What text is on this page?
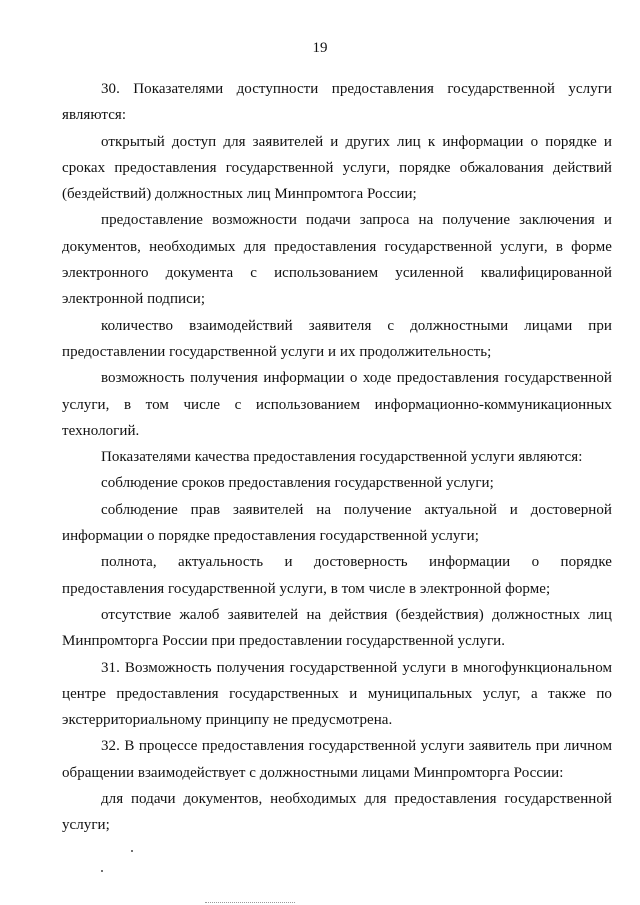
19

30. Показателями доступности предоставления государственной услуги являются:

открытый доступ для заявителей и других лиц к информации о порядке и сроках предоставления государственной услуги, порядке обжалования действий (бездействий) должностных лиц Минпромтога России;

предоставление возможности подачи запроса на получение заключения и документов, необходимых для предоставления государственной услуги, в форме электронного документа с использованием усиленной квалифицированной электронной подписи;

количество взаимодействий заявителя с должностными лицами при предоставлении государственной услуги и их продолжительность;

возможность получения информации о ходе предоставления государственной услуги, в том числе с использованием информационно-коммуникационных технологий.

Показателями качества предоставления государственной услуги являются:

соблюдение сроков предоставления государственной услуги;

соблюдение прав заявителей на получение актуальной и достоверной информации о порядке предоставления государственной услуги;

полнота, актуальность и достоверность информации о порядке предоставления государственной услуги, в том числе в электронной форме;

отсутствие жалоб заявителей на действия (бездействия) должностных лиц Минпромторга России при предоставлении государственной услуги.

31. Возможность получения государственной услуги в многофункциональном центре предоставления государственных и муниципальных услуг, а также по экстерриториальному принципу не предусмотрена.

32. В процессе предоставления государственной услуги заявитель при личном обращении взаимодействует с должностными лицами Минпромторга России:

для подачи документов, необходимых для предоставления государственной услуги;
